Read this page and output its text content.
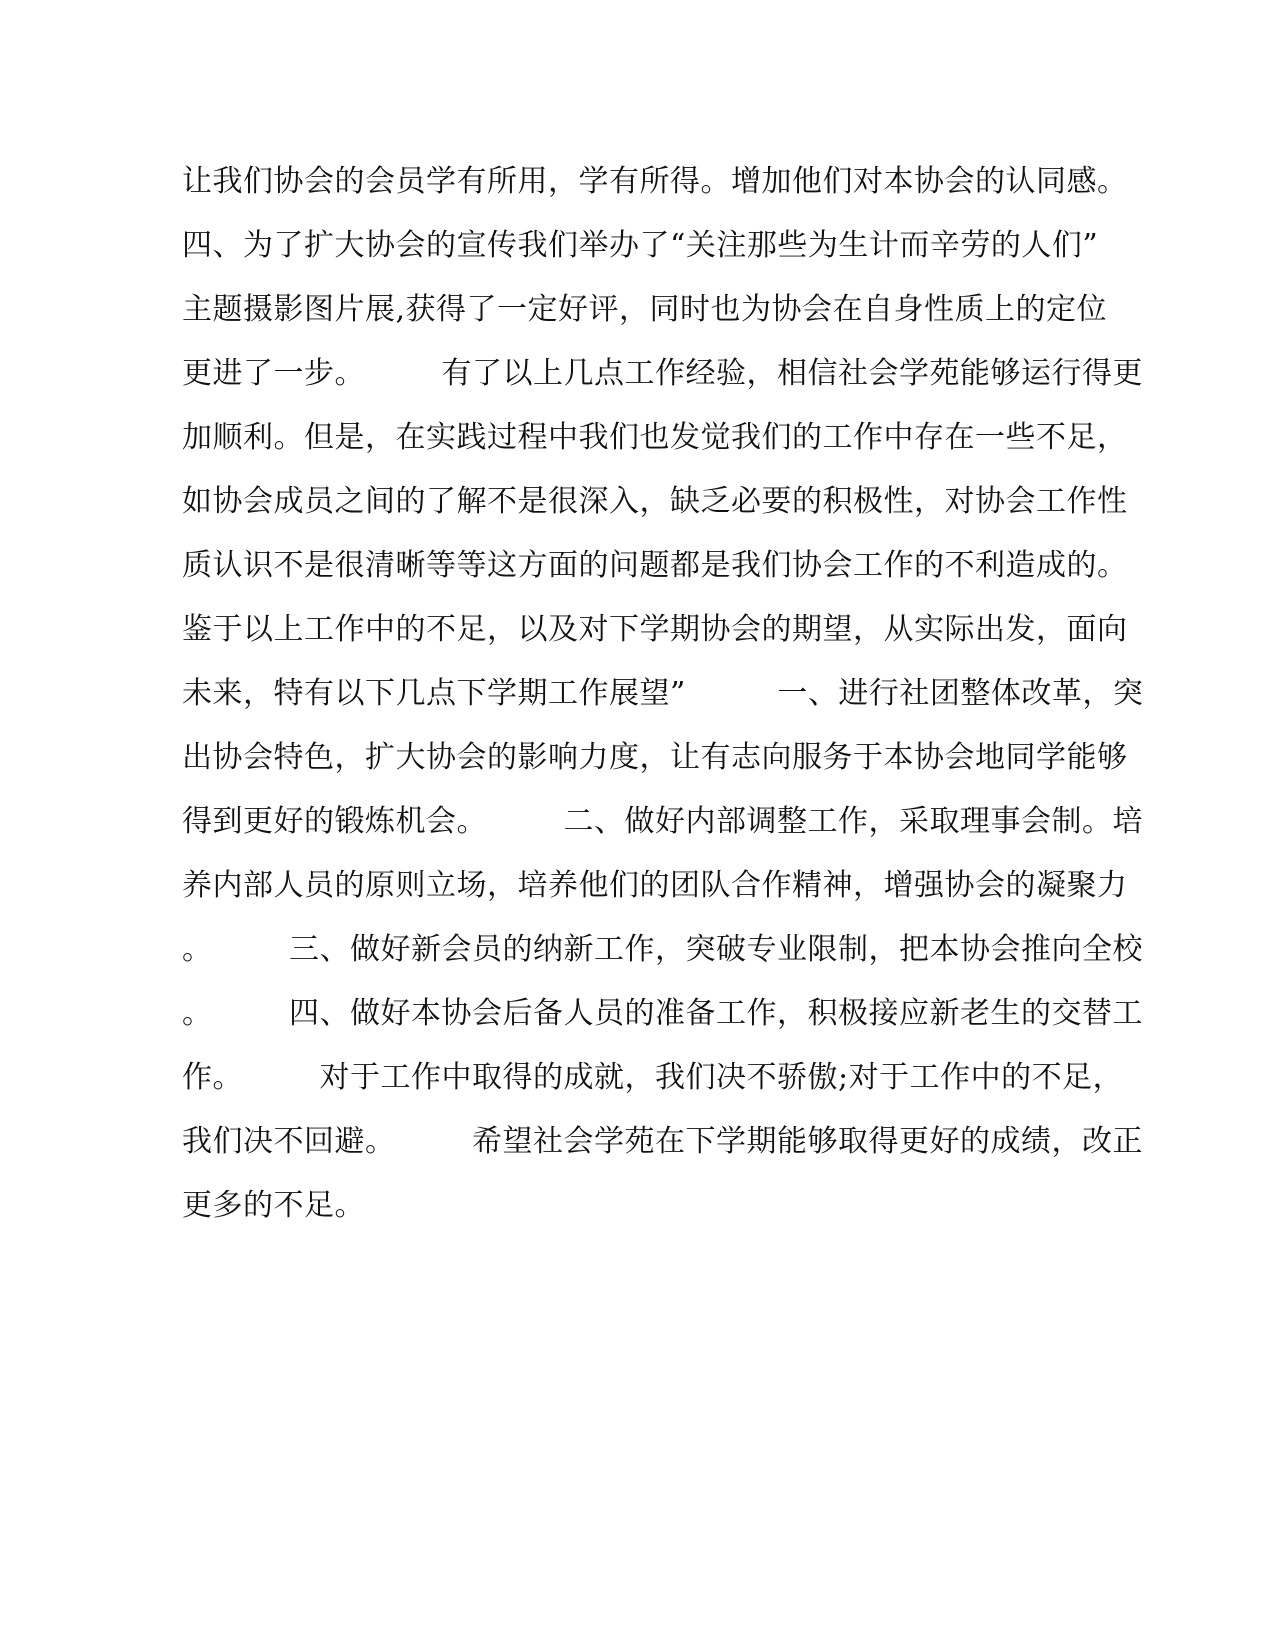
让我们协会的会员学有所用，学有所得。增加他们对本协会的认同感。
四、为了扩大协会的宣传我们举办了“关注那些为生计而辛劳的人们”
主题摄影图片展,获得了一定好评，同时也为协会在自身性质上的定位
更进了一步。　　　有了以上几点工作经验，相信社会学苑能够运行得更
加顺利。但是，在实践过程中我们也发觉我们的工作中存在一些不足，
如协会成员之间的了解不是很深入，缺乏必要的积极性，对协会工作性
质认识不是很清晰等等这方面的问题都是我们协会工作的不利造成的。
鉴于以上工作中的不足，以及对下学期协会的期望，从实际出发，面向
未来，特有以下几点下学期工作展望”　　　一、进行社团整体改革，突
出协会特色，扩大协会的影响力度，让有志向服务于本协会地同学能够
得到更好的锻炼机会。　　　二、做好内部调整工作，采取理事会制。培
养内部人员的原则立场，培养他们的团队合作精神，增强协会的凝聚力
。　　　三、做好新会员的纳新工作，突破专业限制，把本协会推向全校
。　　　四、做好本协会后备人员的准备工作，积极接应新老生的交替工
作。　　　对于工作中取得的成就，我们决不骄傲;对于工作中的不足，
我们决不回避。　　　希望社会学苑在下学期能够取得更好的成绩，改正
更多的不足。
